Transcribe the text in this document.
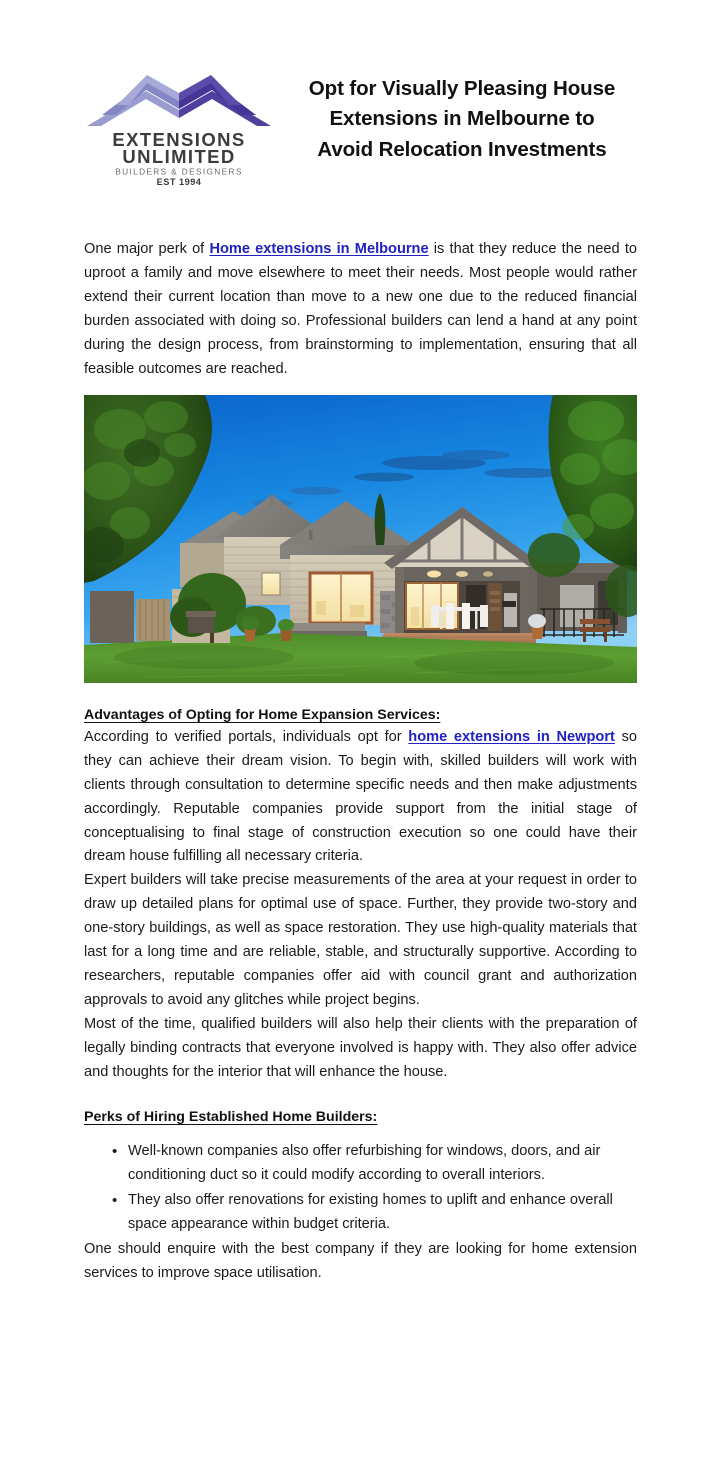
EXTENSIONS
UNLIMITED
BUILDERS & DESIGNERS
EST 1994
Opt for Visually Pleasing House
Extensions in Melbourne to
Avoid Relocation Investments

One major perk of Home extensions in Melbourne is that they reduce the need to uproot a family and move elsewhere to meet their needs. Most people would rather extend their current location than move to a new one due to the reduced financial burden associated with doing so. Professional builders can lend a hand at any point during the design process, from brainstorming to implementation, ensuring that all feasible outcomes are reached.

Advantages of Opting for Home Expansion Services:

According to verified portals, individuals opt for home extensions in Newport so they can achieve their dream vision. To begin with, skilled builders will work with clients through consultation to determine specific needs and then make adjustments accordingly. Reputable companies provide support from the initial stage of conceptualising to final stage of construction execution so one could have their dream house fulfilling all necessary criteria.

Expert builders will take precise measurements of the area at your request in order to draw up detailed plans for optimal use of space. Further, they provide two-story and one-story buildings, as well as space restoration. They use high-quality materials that last for a long time and are reliable, stable, and structurally supportive. According to researchers, reputable companies offer aid with council grant and authorization approvals to avoid any glitches while project begins.

Most of the time, qualified builders will also help their clients with the preparation of legally binding contracts that everyone involved is happy with. They also offer advice and thoughts for the interior that will enhance the house.

Perks of Hiring Established Home Builders:
• Well-known companies also offer refurbishing for windows, doors, and air conditioning duct so it could modify according to overall interiors.
• They also offer renovations for existing homes to uplift and enhance overall space appearance within budget criteria.

One should enquire with the best company if they are looking for home extension services to improve space utilisation.
